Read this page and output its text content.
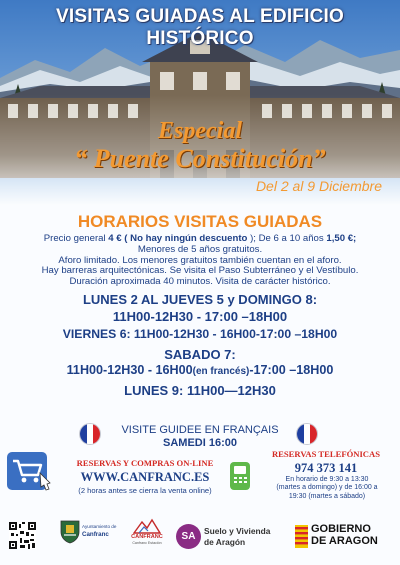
VISITAS GUIADAS AL EDIFICIO HISTÓRICO
Especial
“ Puente Constitución”
Del 2 al 9 Diciembre
HORARIOS VISITAS GUIADAS
Precio general 4 € ( No hay ningún descuento ); De 6 a 10 años 1,50 €;
Menores de 5 años gratuitos.
Aforo limitado. Los menores gratuitos también cuentan en el aforo.
Hay barreras arquitectónicas. Se visita el Paso Subterráneo y el Vestíbulo.
Duración aproximada 40 minutos. Visita de carácter histórico.
LUNES 2 AL JUEVES 5 y DOMINGO 8:
11H00-12H30 - 17:00 –18H00
VIERNES 6: 11H00-12H30 - 16H00-17:00 –18H00
SABADO 7:
11H00-12H30 - 16H00(en francés)-17:00 –18H00
LUNES 9: 11H00—12H30
VISITE GUIDEE EN FRANÇAIS
SAMEDI 16:00
RESERVAS Y COMPRAS ON-LINE
WWW.CANFRANC.ES
(2 horas antes se cierra la venta online)
RESERVAS TELEFÓNICAS
974 373 141
En horario de 9:30 a 13:30
(martes a domingo) y de 16:00 a
19:30 (martes a sábado)
Ayuntamiento de
Canfranc	CANFRANC
Canfranc Estación
SA	Suelo y Vivienda
de Aragón
GOBIERNO
DE ARAGON
